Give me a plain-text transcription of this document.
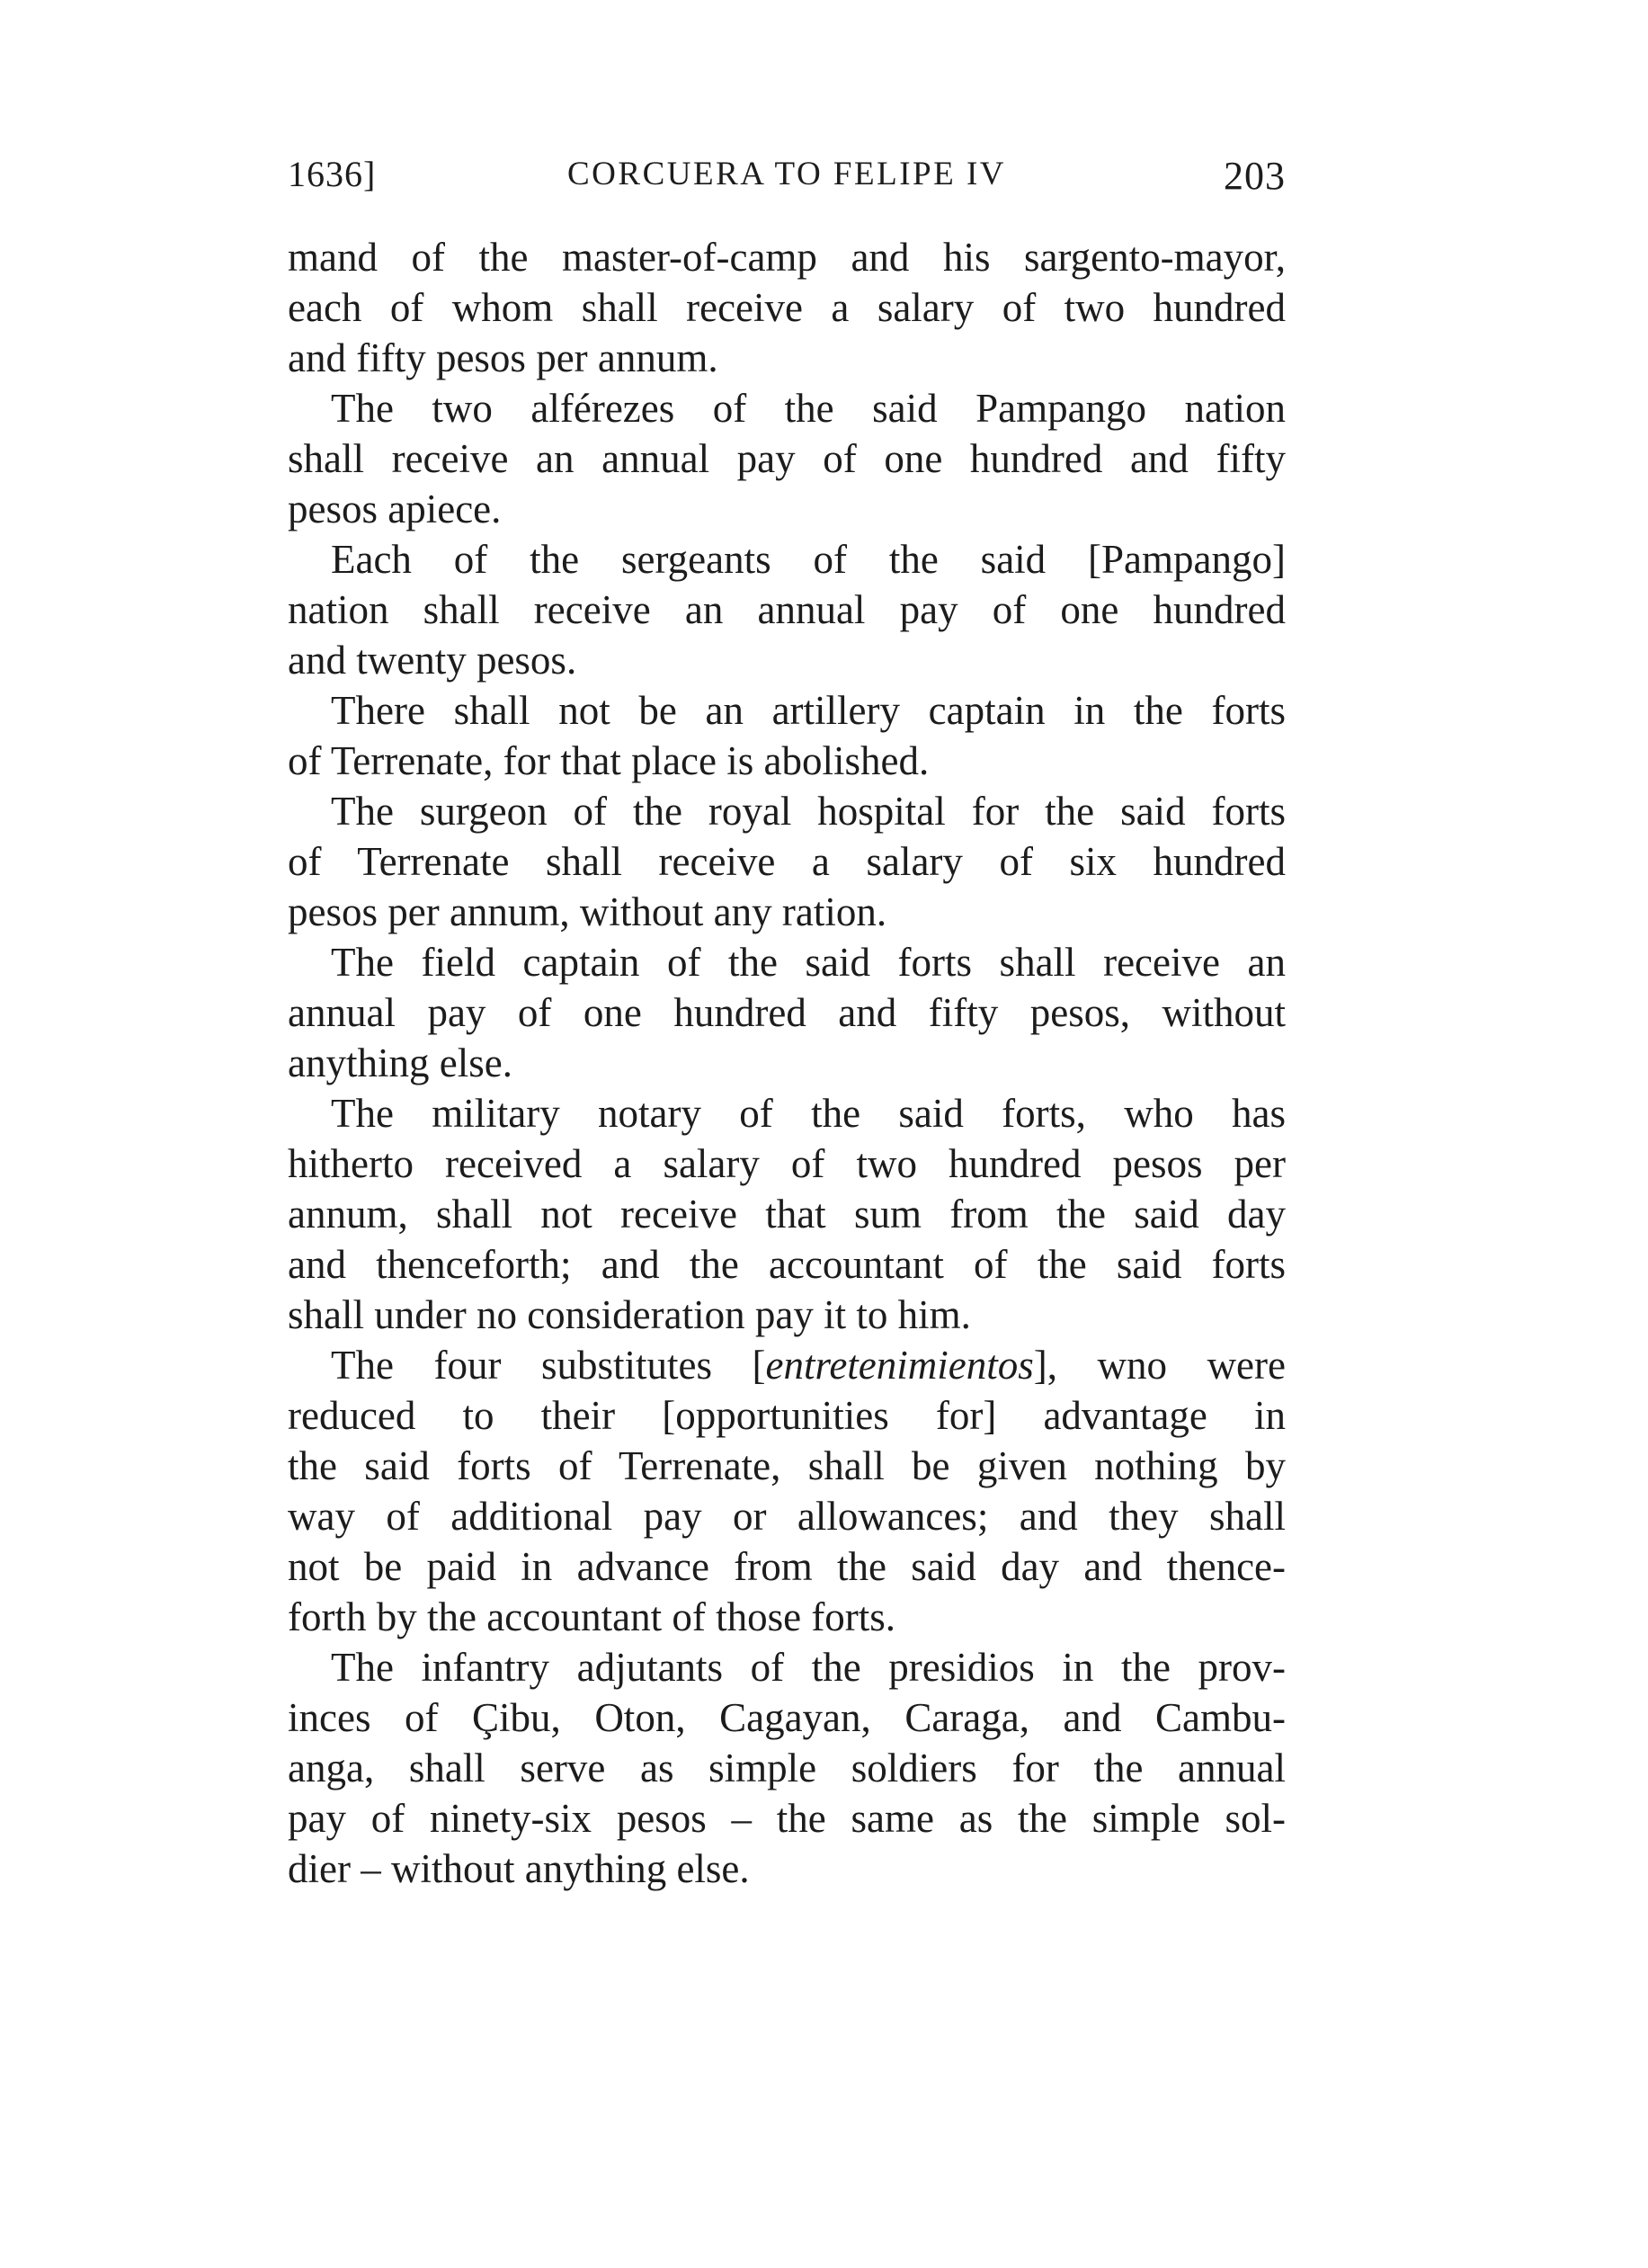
1636]	CORCUERA TO FELIPE IV	203
mand of the master-of-camp and his sargento-mayor,
each of whom shall receive a salary of two hundred
and fifty pesos per annum.
The two alférezes of the said Pampango nation
shall receive an annual pay of one hundred and fifty
pesos apiece.
Each of the sergeants of the said [Pampango]
nation shall receive an annual pay of one hundred
and twenty pesos.
There shall not be an artillery captain in the forts
of Terrenate, for that place is abolished.
The surgeon of the royal hospital for the said forts
of Terrenate shall receive a salary of six hundred
pesos per annum, without any ration.
The field captain of the said forts shall receive an
annual pay of one hundred and fifty pesos, without
anything else.
The military notary of the said forts, who has
hitherto received a salary of two hundred pesos per
annum, shall not receive that sum from the said day
and thenceforth; and the accountant of the said forts
shall under no consideration pay it to him.
The four substitutes [entretenimientos], wno were
reduced to their [opportunities for] advantage in
the said forts of Terrenate, shall be given nothing by
way of additional pay or allowances; and they shall
not be paid in advance from the said day and thence-
forth by the accountant of those forts.
The infantry adjutants of the presidios in the prov-
inces of Çibu, Oton, Cagayan, Caraga, and Cambu-
anga, shall serve as simple soldiers for the annual
pay of ninety-six pesos – the same as the simple sol-
dier – without anything else.
